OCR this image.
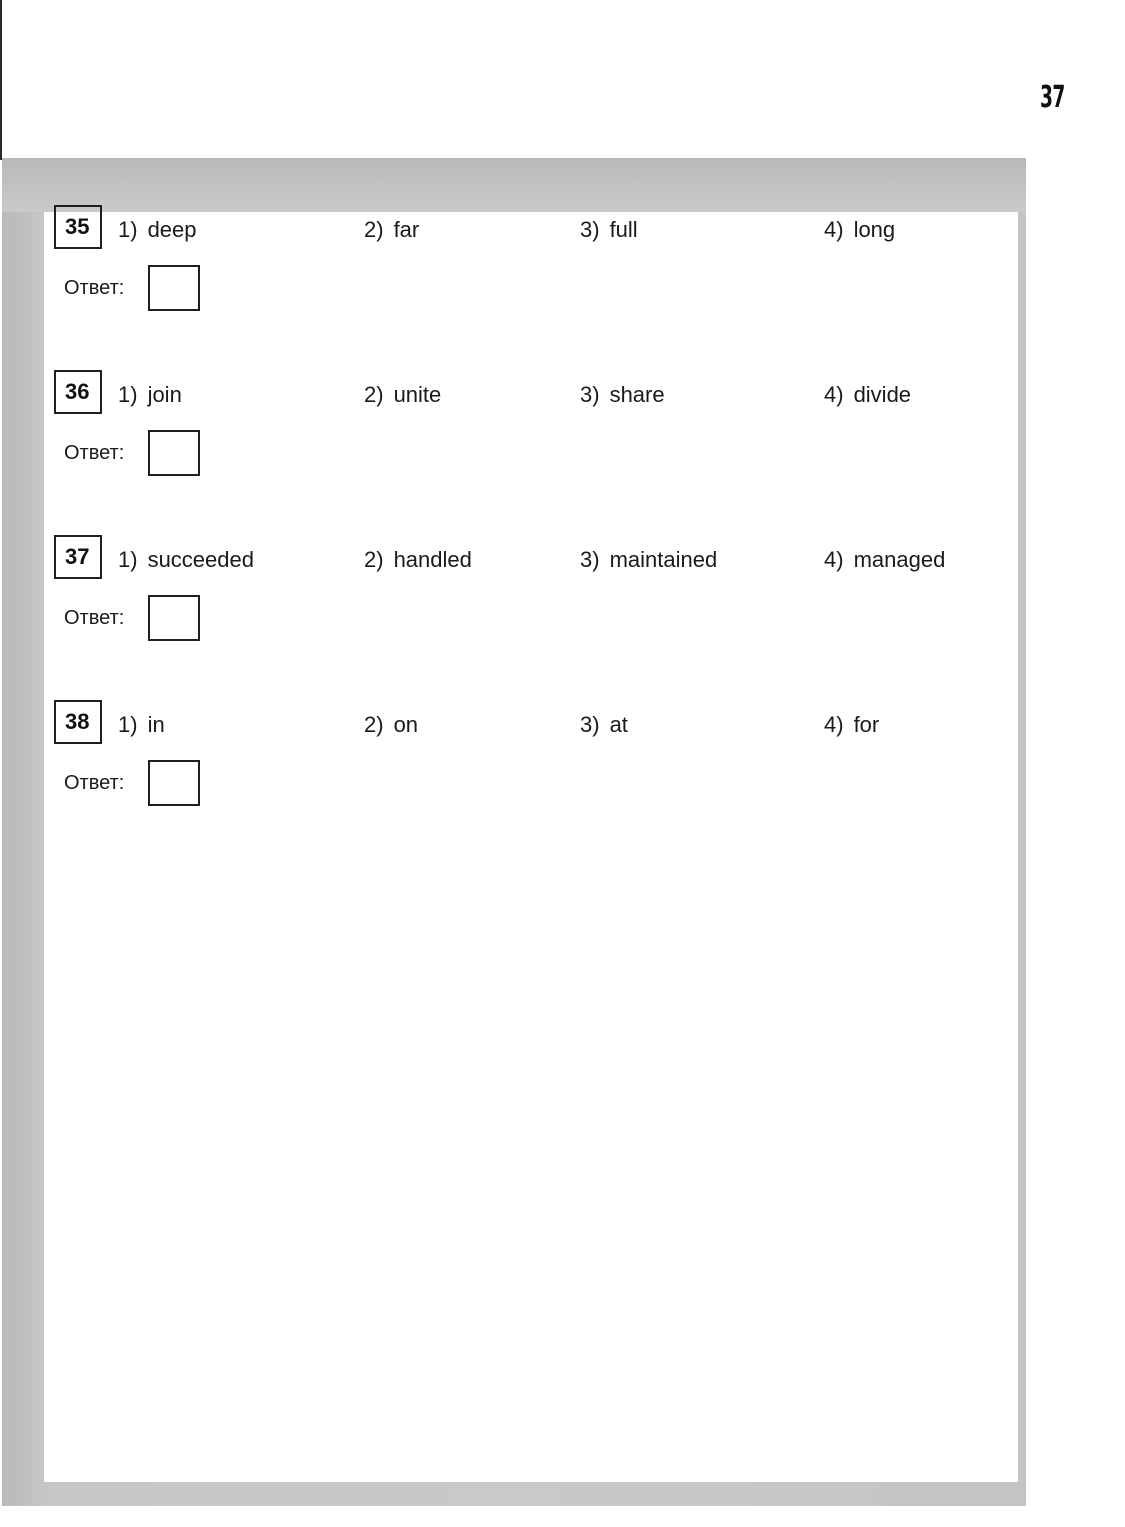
37
35	1) deep	2) far	3) full	4) long
Ответ:
36	1) join	2) unite	3) share	4) divide
Ответ:
37	1) succeeded	2) handled	3) maintained	4) managed
Ответ:
38	1) in	2) on	3) at	4) for
Ответ:
